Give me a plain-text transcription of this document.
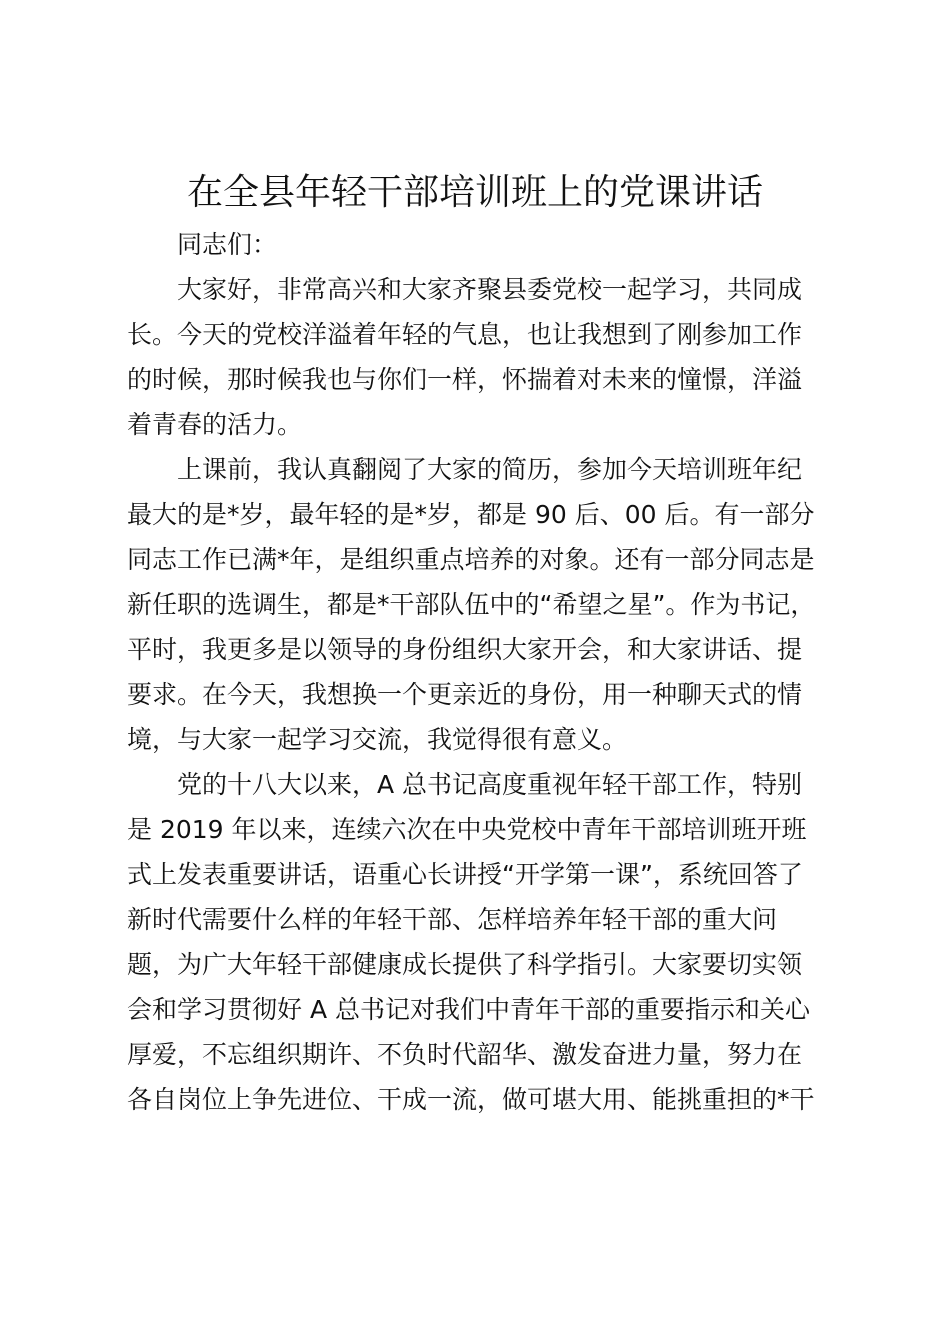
在全县年轻干部培训班上的党课讲话

同志们：

大家好，非常高兴和大家齐聚县委党校一起学习，共同成

长。今天的党校洋溢着年轻的气息，也让我想到了刚参加工作

的时候，那时候我也与你们一样，怀揣着对未来的憧憬，洋溢

着青春的活力。

上课前，我认真翻阅了大家的简历，参加今天培训班年纪

最大的是*岁，最年轻的是*岁，都是 90 后、00 后。有一部分

同志工作已满*年，是组织重点培养的对象。还有一部分同志是

新任职的选调生，都是*干部队伍中的“希望之星”。作为书记，

平时，我更多是以领导的身份组织大家开会，和大家讲话、提

要求。在今天，我想换一个更亲近的身份，用一种聊天式的情

境，与大家一起学习交流，我觉得很有意义。

党的十八大以来，A 总书记高度重视年轻干部工作，特别

是 2019 年以来，连续六次在中央党校中青年干部培训班开班

式上发表重要讲话，语重心长讲授“开学第一课”，系统回答了

新时代需要什么样的年轻干部、怎样培养年轻干部的重大问

题，为广大年轻干部健康成长提供了科学指引。大家要切实领

会和学习贯彻好 A 总书记对我们中青年干部的重要指示和关心

厚爱，不忘组织期许、不负时代韶华、激发奋进力量，努力在

各自岗位上争先进位、干成一流，做可堪大用、能挑重担的*干
